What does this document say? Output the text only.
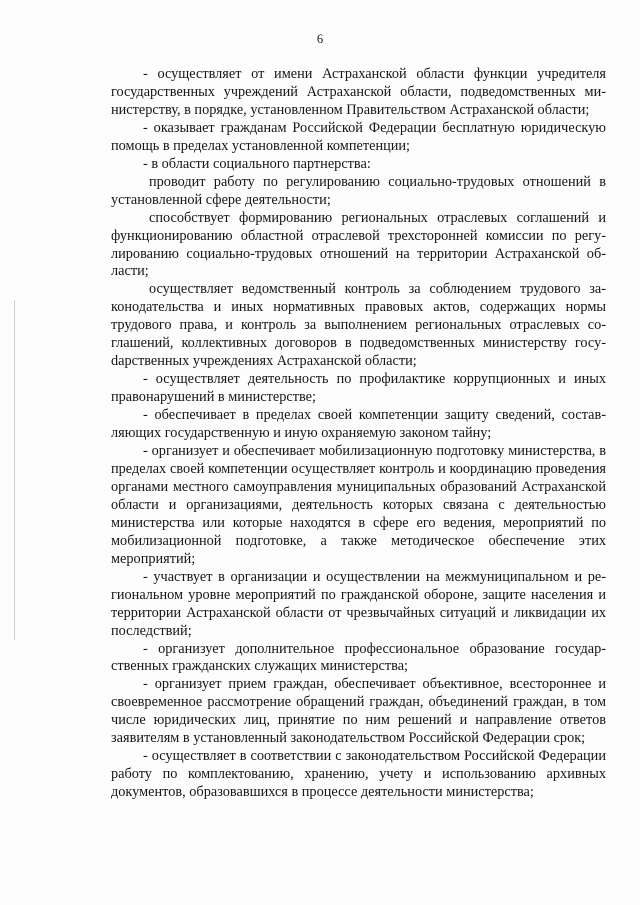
6

- осуществляет от имени Астраханской области функции учредителя государственных учреждений Астраханской области, подведомственных министерству, в порядке, установленном Правительством Астраханской области;

- оказывает гражданам Российской Федерации бесплатную юридическую помощь в пределах установленной компетенции;

- в области социального партнерства:

проводит работу по регулированию социально-трудовых отношений в установленной сфере деятельности;

способствует формированию региональных отраслевых соглашений и функционированию областной отраслевой трехсторонней комиссии по регулированию социально-трудовых отношений на территории Астраханской области;

осуществляет ведомственный контроль за соблюдением трудового законодательства и иных нормативных правовых актов, содержащих нормы трудового права, и контроль за выполнением региональных отраслевых соглашений, коллективных договоров в подведомственных министерству госуdарственных учреждениях Астраханской области;

- осуществляет деятельность по профилактике коррупционных и иных правонарушений в министерстве;

- обеспечивает в пределах своей компетенции защиту сведений, составляющих государственную и иную охраняемую законом тайну;

- организует и обеспечивает мобилизационную подготовку министерства, в пределах своей компетенции осуществляет контроль и координацию проведения органами местного самоуправления муниципальных образований Астраханской области и организациями, деятельность которых связана с деятельностью министерства или которые находятся в сфере его ведения, мероприятий по мобилизационной подготовке, а также методическое обеспечение этих мероприятий;

- участвует в организации и осуществлении на межмуниципальном и региональном уровне мероприятий по гражданской обороне, защите населения и территории Астраханской области от чрезвычайных ситуаций и ликвидации их последствий;

- организует дополнительное профессиональное образование государственных гражданских служащих министерства;

- организует прием граждан, обеспечивает объективное, всестороннее и своевременное рассмотрение обращений граждан, объединений граждан, в том числе юридических лиц, принятие по ним решений и направление ответов заявителям в установленный законодательством Российской Федерации срок;

- осуществляет в соответствии с законодательством Российской Федерации работу по комплектованию, хранению, учету и использованию архивных документов, образовавшихся в процессе деятельности министерства;
